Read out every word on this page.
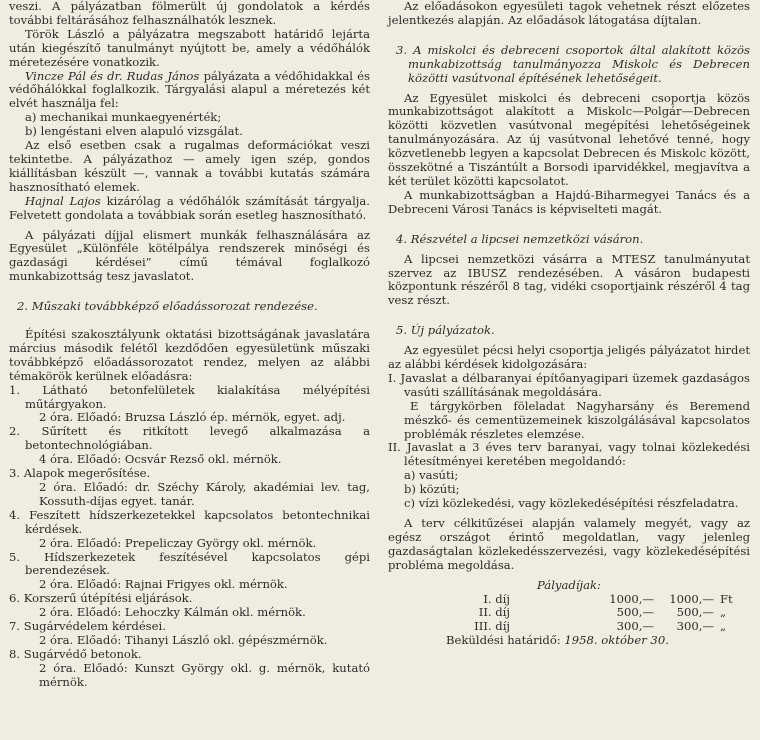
veszi. A pályázatban fölmerült új gondolatok a kérdés további feltárásához felhasználhatók lesznek.

Török László a pályázatra megszabott határidő lejárta után kiegészítő tanulmányt nyújtott be, amely a védőhálók méretezésére vonatkozik.

Vincze Pál és dr. Rudas János pályázata a védőhidakkal és védőhálókkal foglalkozik. Tárgyalási alapul a méretezés két elvét használja fel:

a) mechanikai munkaegyenérték;

b) lengéstani elven alapuló vizsgálat.

Az első esetben csak a rugalmas deformációkat veszi tekintetbe. A pályázathoz — amely igen szép, gondos kiállításban készült —, vannak a további kutatás számára hasznosítható elemek.

Hajnal Lajos kizárólag a védőhálók számítását tárgyalja. Felvetett gondolata a továbbiak során esetleg hasznosítható.

A pályázati díjjal elismert munkák felhasználására az Egyesület „Különféle kötélpálya rendszerek minőségi és gazdasági kérdései” című témával foglalkozó munkabizottság tesz javaslatot.

2. Műszaki továbbképző előadássorozat rendezése.

Építési szakosztályunk oktatási bizottságának javaslatára március második felétől kezdődően egyesületünk műszaki továbbképző előadássorozatot rendez, melyen az alábbi témakörök kerülnek előadásra:

1. Látható betonfelületek kialakítása mélyépítési műtárgyakon.

2 óra. Előadó: Bruzsa László ép. mérnök, egyet. adj.

2. Sűrített és ritkított levegő alkalmazása a betontechnológiában.

4 óra. Előadó: Ocsvár Rezső okl. mérnök.

3. Alapok megerősítése.

2 óra. Előadó: dr. Széchy Károly, akadémiai lev. tag, Kossuth-díjas egyet. tanár.

4. Feszített hídszerkezetekkel kapcsolatos betontechnikai kérdések.

2 óra. Előadó: Prepeliczay György okl. mérnök.

5. Hídszerkezetek feszítésével kapcsolatos gépi berendezések.

2 óra. Előadó: Rajnai Frigyes okl. mérnök.

6. Korszerű útépítési eljárások.

2 óra. Előadó: Lehoczky Kálmán okl. mérnök.

7. Sugárvédelem kérdései.

2 óra. Előadó: Tihanyi László okl. gépészmérnök.

8. Sugárvédő betonok.

2 óra. Előadó: Kunszt György okl. g. mérnök, kutató mérnök.

Az előadásokon egyesületi tagok vehetnek részt előzetes jelentkezés alapján. Az előadások látogatása díjtalan.

3. A miskolci és debreceni csoportok által alakított közös munkabizottság tanulmányozza Miskolc és Debrecen közötti vasútvonal építésének lehetőségeit.

Az Egyesület miskolci és debreceni csoportja közös munkabizottságot alakított a Miskolc—Polgár—Debrecen közötti közvetlen vasútvonal megépítési lehetőségeinek tanulmányozására. Az új vasútvonal lehetővé tenné, hogy közvetlenebb legyen a kapcsolat Debrecen és Miskolc között, összekötné a Tiszántúlt a Borsodi iparvidékkel, megjavítva a két terület közötti kapcsolatot.

A munkabizottságban a Hajdú-Biharmegyei Tanács és a Debreceni Városi Tanács is képviselteti magát.

4. Részvétel a lipcsei nemzetközi vásáron.

A lipcsei nemzetközi vásárra a MTESZ tanulmányutat szervez az IBUSZ rendezésében. A vásáron budapesti központunk részéről 8 tag, vidéki csoportjaink részéről 4 tag vesz részt.

5. Új pályázatok.

Az egyesület pécsi helyi csoportja jeligés pályázatot hirdet az alábbi kérdések kidolgozására:

I. Javaslat a délbaranyai építőanyagipari üzemek gazdaságos vasúti szállításának megoldására.

E tárgykörben föleladat Nagyharsány és Beremend mészkő- és cementüzemeinek kiszolgálásával kapcsolatos problémák részletes elemzése.

II. Javaslat a 3 éves terv baranyai, vagy tolnai közlekedési létesítményei keretében megoldandó:

a) vasúti;

b) közúti;

c) vízi közlekedési, vagy közlekedésépítési részfeladatra.

A terv célkitűzései alapján valamely megyét, vagy az egész országot érintő megoldatlan, vagy jelenleg gazdaságtalan közlekedésszervezési, vagy közlekedésépítési probléma megoldása.

Pályadíjak:

I. díj	1000,—	1000,—	Ft
II. díj	500,—	500,—	„
III. díj	300,—	300,—	„

Beküldési határidő: 1958. október 30.
